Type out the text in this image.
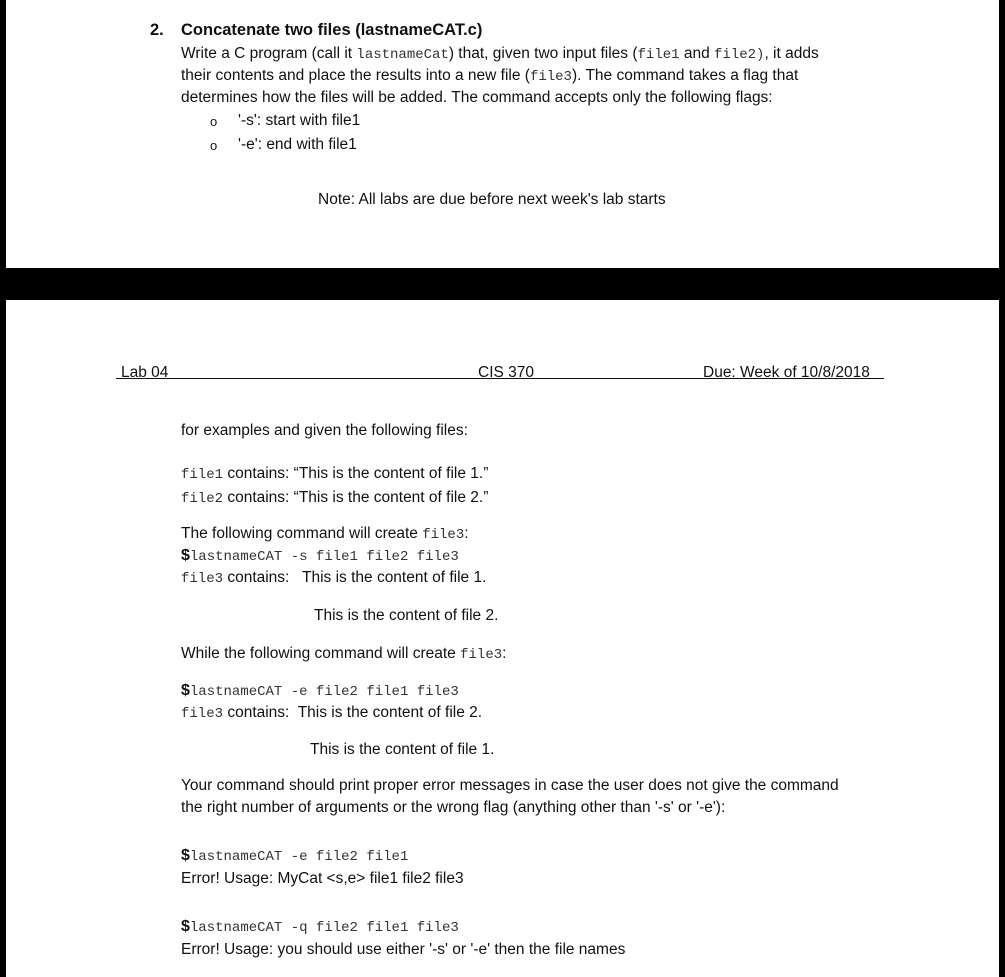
2. Concatenate two files (lastnameCAT.c)
Write a C program (call it lastnameCat) that, given two input files (file1 and file2), it adds
their contents and place the results into a new file (file3). The command takes a flag that
determines how the files will be added. The command accepts only the following flags:
o '-s': start with file1
o '-e': end with file1
Note: All labs are due before next week's lab starts
Lab 04	CIS 370	Due: Week of 10/8/2018
for examples and given the following files:
file1 contains: “This is the content of file 1.”
file2 contains: “This is the content of file 2.”
The following command will create file3:
$lastnameCAT -s file1 file2 file3
file3 contains:   This is the content of file 1.
This is the content of file 2.
While the following command will create file3:
$lastnameCAT -e file2 file1 file3
file3 contains:  This is the content of file 2.
This is the content of file 1.
Your command should print proper error messages in case the user does not give the command
the right number of arguments or the wrong flag (anything other than '-s' or '-e'):
$lastnameCAT -e file2 file1
Error! Usage: MyCat <s,e> file1 file2 file3
$lastnameCAT -q file2 file1 file3
Error! Usage: you should use either '-s' or '-e' then the file names
